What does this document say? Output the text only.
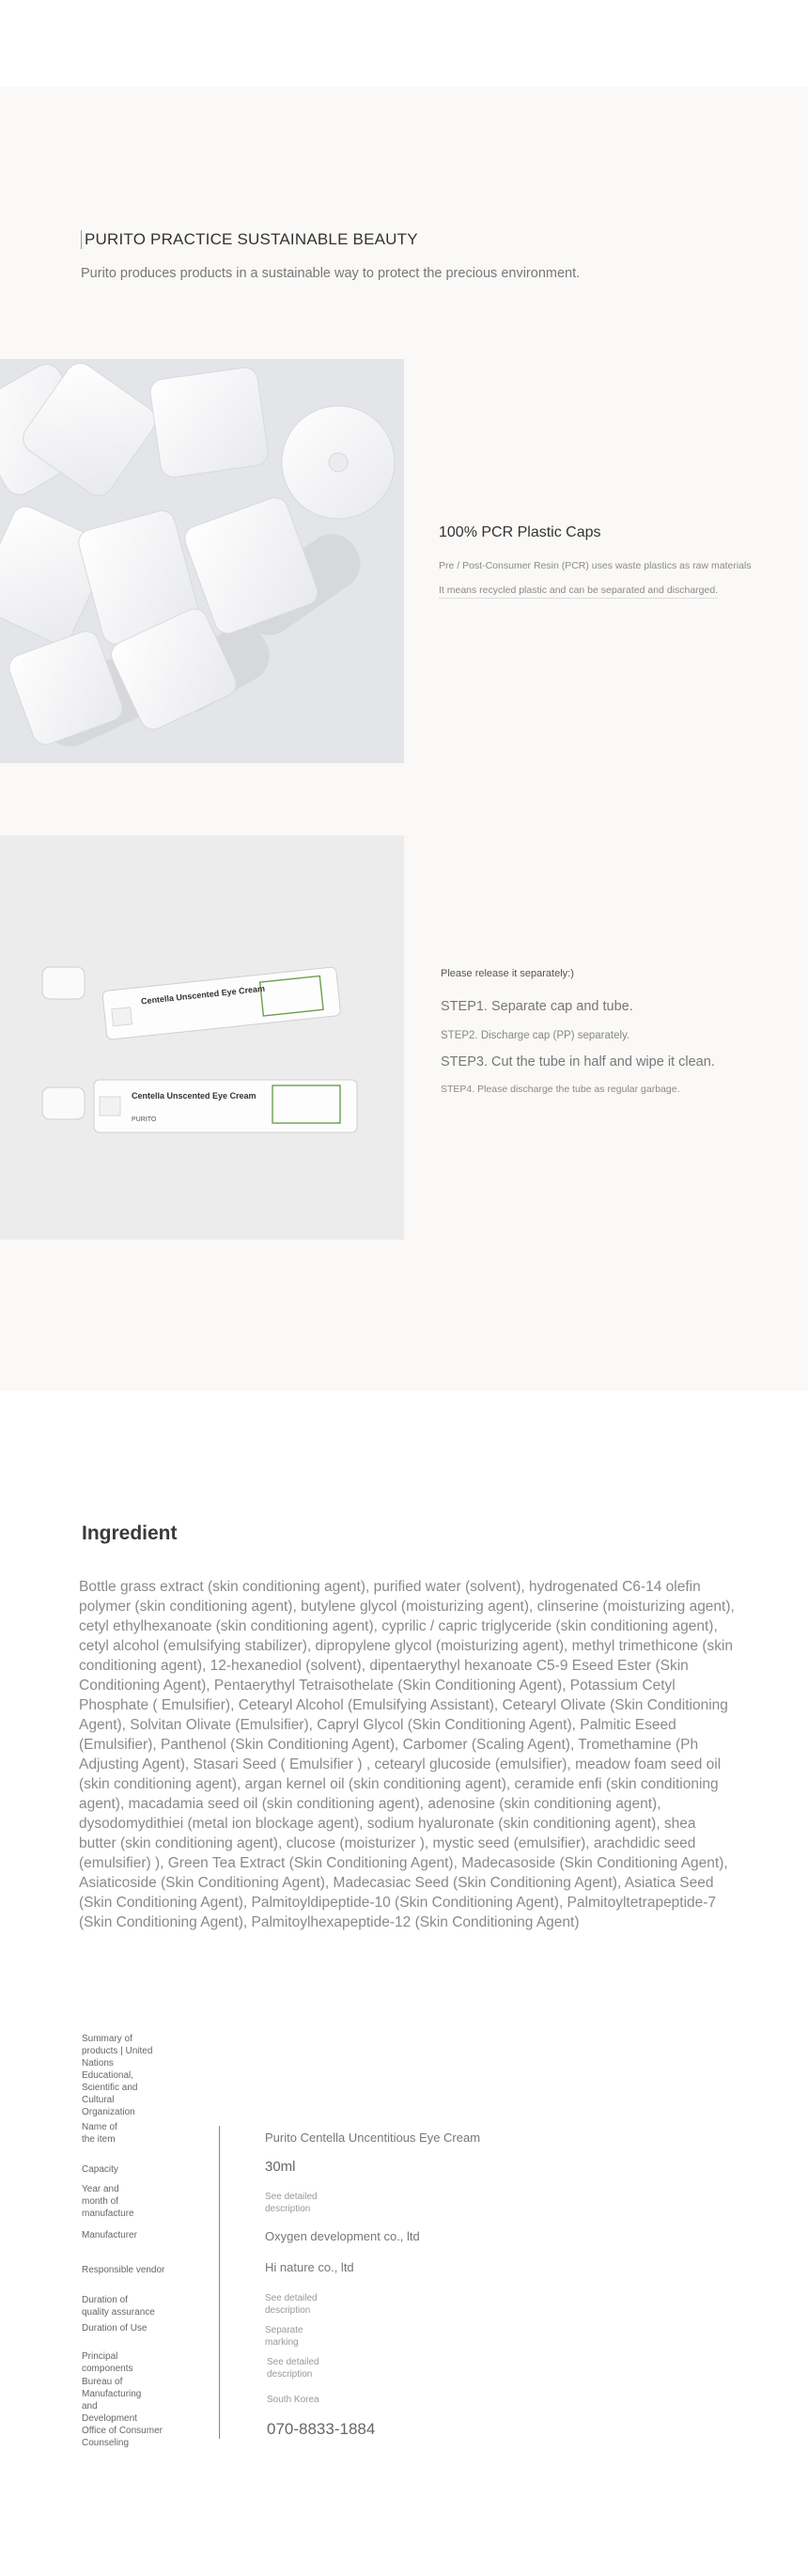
PURITO PRACTICE SUSTAINABLE BEAUTY
Purito produces products in a sustainable way to protect the precious environment.
100% PCR Plastic Caps
Pre / Post-Consumer Resin (PCR) uses waste plastics as raw materials
It means recycled plastic and can be separated and discharged.
Centella Unscented Eye Cream
Centella Unscented Eye Cream
PURITO
Please release it separately:)
STEP1. Separate cap and tube.
STEP2. Discharge cap (PP) separately.
STEP3. Cut the tube in half and wipe it clean.
STEP4. Please discharge the tube as regular garbage.
Ingredient
Bottle grass extract (skin conditioning agent), purified water (solvent), hydrogenated C6-14 olefin polymer (skin conditioning agent), butylene glycol (moisturizing agent), clinserine (moisturizing agent), cetyl ethylhexanoate (skin conditioning agent), cyprilic / capric triglyceride (skin conditioning agent), cetyl alcohol (emulsifying stabilizer), dipropylene glycol (moisturizing agent), methyl trimethicone (skin conditioning agent), 12-hexanediol (solvent), dipentaerythyl hexanoate C5-9 Eseed Ester (Skin Conditioning Agent), Pentaerythyl Tetraisothelate (Skin Conditioning Agent), Potassium Cetyl Phosphate ( Emulsifier), Cetearyl Alcohol (Emulsifying Assistant), Cetearyl Olivate (Skin Conditioning Agent), Solvitan Olivate (Emulsifier), Capryl Glycol (Skin Conditioning Agent), Palmitic Eseed (Emulsifier), Panthenol (Skin Conditioning Agent), Carbomer (Scaling Agent), Tromethamine (Ph Adjusting Agent), Stasari Seed ( Emulsifier ) , cetearyl glucoside (emulsifier), meadow foam seed oil (skin conditioning agent), argan kernel oil (skin conditioning agent), ceramide enfi (skin conditioning agent), macadamia seed oil (skin conditioning agent), adenosine (skin conditioning agent), dysodomydithiei (metal ion blockage agent), sodium hyaluronate (skin conditioning agent), shea butter (skin conditioning agent), clucose (moisturizer ), mystic seed (emulsifier), arachdidic seed (emulsifier) ), Green Tea Extract (Skin Conditioning Agent), Madecasoside (Skin Conditioning Agent), Asiaticoside (Skin Conditioning Agent), Madecasiac Seed (Skin Conditioning Agent), Asiatica Seed (Skin Conditioning Agent), Palmitoyldipeptide-10 (Skin Conditioning Agent), Palmitoyltetrapeptide-7 (Skin Conditioning Agent), Palmitoylhexapeptide-12 (Skin Conditioning Agent)
Summary of products | United Nations Educational, Scientific and Cultural Organization
Name of the item
Capacity
Year and month of manufacture
Manufacturer
Responsible vendor
Duration of quality assurance
Duration of Use
Principal components
Bureau of Manufacturing and Development
Office of Consumer Counseling
Purito Centella Uncentitious Eye Cream
30ml
See detailed description
Oxygen development co., ltd
Hi nature co., ltd
See detailed description
Separate marking
See detailed description
South Korea
070-8833-1884
